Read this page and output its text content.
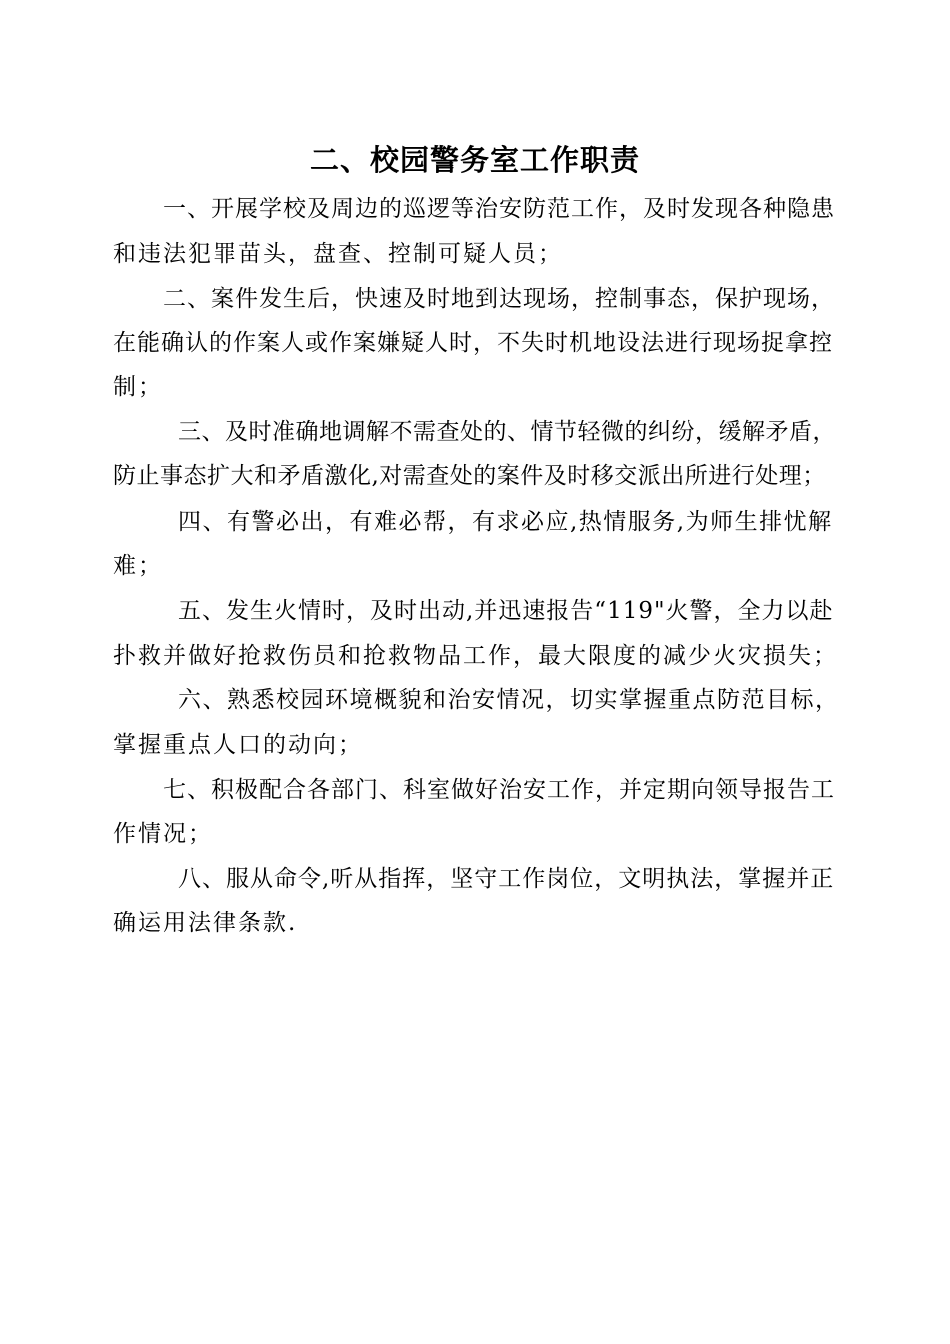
二、校园警务室工作职责
一、开展学校及周边的巡逻等治安防范工作，及时发现各种隐患
和违法犯罪苗头，盘查、控制可疑人员；
二、案件发生后，快速及时地到达现场，控制事态，保护现场，
在能确认的作案人或作案嫌疑人时，不失时机地设法进行现场捉拿控
制；
三、及时准确地调解不需查处的、情节轻微的纠纷，缓解矛盾，
防止事态扩大和矛盾激化,对需查处的案件及时移交派出所进行处理；
四、有警必出，有难必帮，有求必应,热情服务,为师生排忧解
难；
五、发生火情时，及时出动,并迅速报告“119"火警，全力以赴
扑救并做好抢救伤员和抢救物品工作，最大限度的减少火灾损失；
六、熟悉校园环境概貌和治安情况，切实掌握重点防范目标，
掌握重点人口的动向；
七、积极配合各部门、科室做好治安工作，并定期向领导报告工
作情况；
八、服从命令,听从指挥，坚守工作岗位，文明执法，掌握并正
确运用法律条款.
